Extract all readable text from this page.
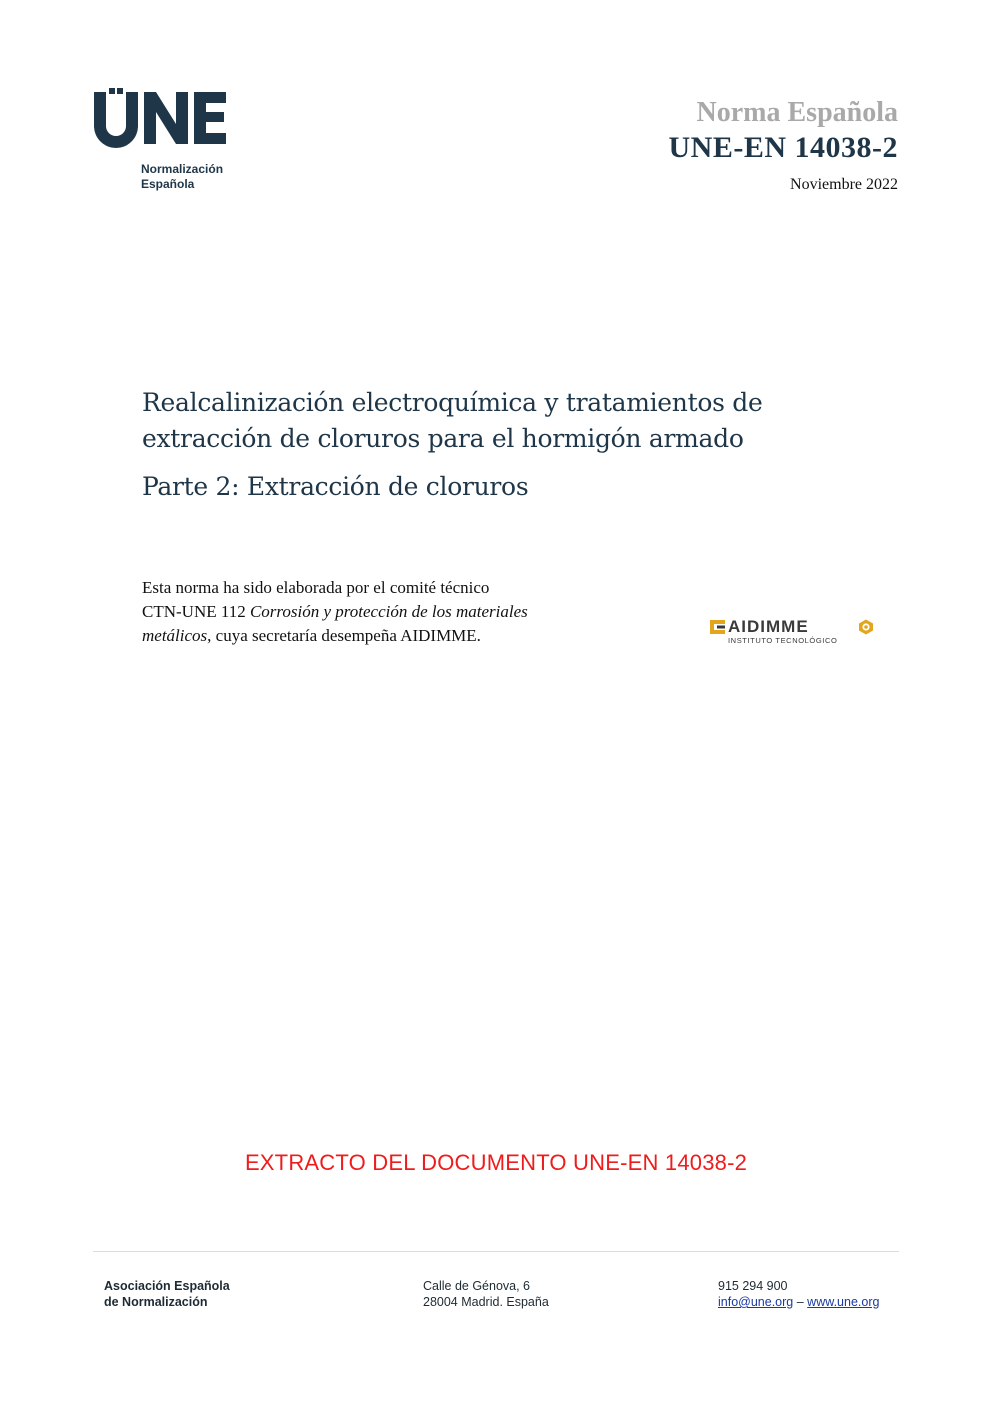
Normalización
Española
Norma Española
UNE-EN 14038-2
Noviembre 2022
Realcalinización electroquímica y tratamientos de
extracción de cloruros para el hormigón armado
Parte 2: Extracción de cloruros
Esta norma ha sido elaborada por el comité técnico
CTN-UNE 112 Corrosión y protección de los materiales
metálicos, cuya secretaría desempeña AIDIMME.	AIDIMME
INSTITUTO TECNOLÓGICO
EXTRACTO DEL DOCUMENTO UNE-EN 14038-2
Asociación Española
de Normalización
Calle de Génova, 6
28004 Madrid. España
915 294 900
info@une.org – www.une.org
